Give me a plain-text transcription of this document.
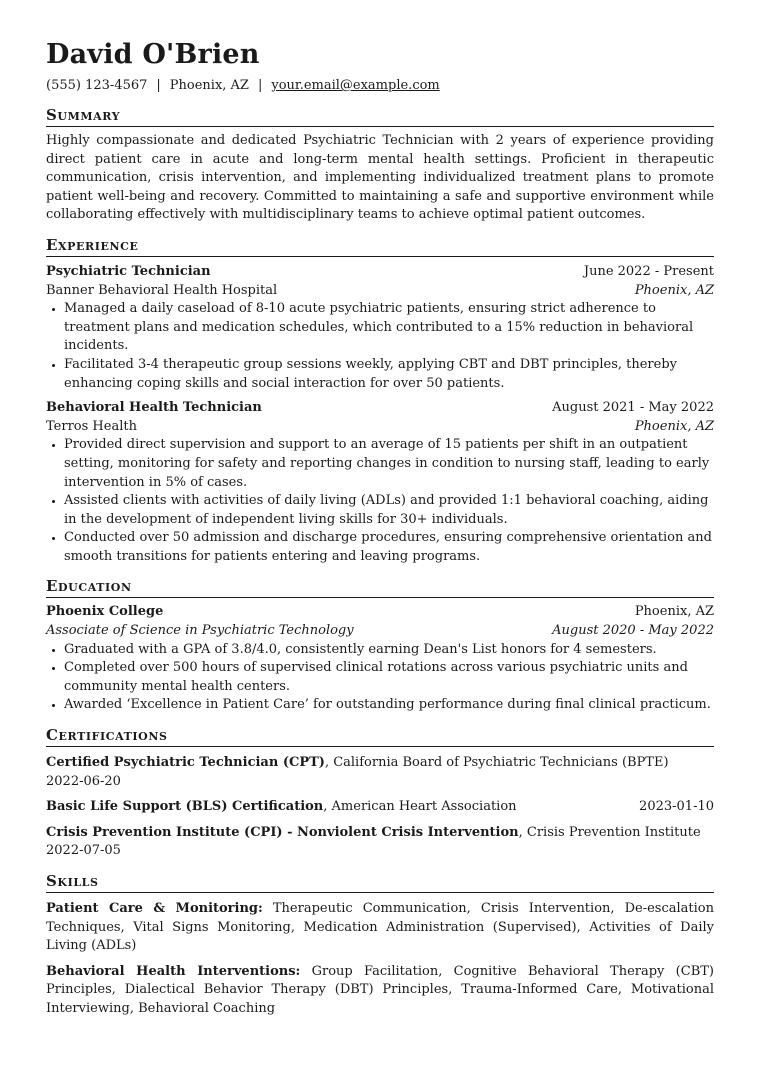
David O'Brien
(555) 123-4567 | Phoenix, AZ | your.email@example.com
Summary
Highly compassionate and dedicated Psychiatric Technician with 2 years of experience providing direct patient care in acute and long-term mental health settings. Proficient in therapeutic communication, crisis intervention, and implementing individualized treatment plans to promote patient well-being and recovery. Committed to maintaining a safe and supportive environment while collaborating effectively with multidisciplinary teams to achieve optimal patient outcomes.
Experience
Psychiatric Technician	June 2022 - Present
Banner Behavioral Health Hospital	Phoenix, AZ
• Managed a daily caseload of 8-10 acute psychiatric patients, ensuring strict adherence to treatment plans and medication schedules, which contributed to a 15% reduction in behavioral incidents.
• Facilitated 3-4 therapeutic group sessions weekly, applying CBT and DBT principles, thereby enhancing coping skills and social interaction for over 50 patients.
Behavioral Health Technician	August 2021 - May 2022
Terros Health	Phoenix, AZ
• Provided direct supervision and support to an average of 15 patients per shift in an outpatient setting, monitoring for safety and reporting changes in condition to nursing staff, leading to early intervention in 5% of cases.
• Assisted clients with activities of daily living (ADLs) and provided 1:1 behavioral coaching, aiding in the development of independent living skills for 30+ individuals.
• Conducted over 50 admission and discharge procedures, ensuring comprehensive orientation and smooth transitions for patients entering and leaving programs.
Education
Phoenix College	Phoenix, AZ
Associate of Science in Psychiatric Technology	August 2020 - May 2022
• Graduated with a GPA of 3.8/4.0, consistently earning Dean's List honors for 4 semesters.
• Completed over 500 hours of supervised clinical rotations across various psychiatric units and community mental health centers.
• Awarded ‘Excellence in Patient Care’ for outstanding performance during final clinical practicum.
Certifications
Certified Psychiatric Technician (CPT), California Board of Psychiatric Technicians (BPTE)
2022-06-20
Basic Life Support (BLS) Certification, American Heart Association	2023-01-10
Crisis Prevention Institute (CPI) - Nonviolent Crisis Intervention, Crisis Prevention Institute
2022-07-05
Skills
Patient Care & Monitoring: Therapeutic Communication, Crisis Intervention, De-escalation Techniques, Vital Signs Monitoring, Medication Administration (Supervised), Activities of Daily Living (ADLs)
Behavioral Health Interventions: Group Facilitation, Cognitive Behavioral Therapy (CBT) Principles, Dialectical Behavior Therapy (DBT) Principles, Trauma-Informed Care, Motivational Interviewing, Behavioral Coaching
